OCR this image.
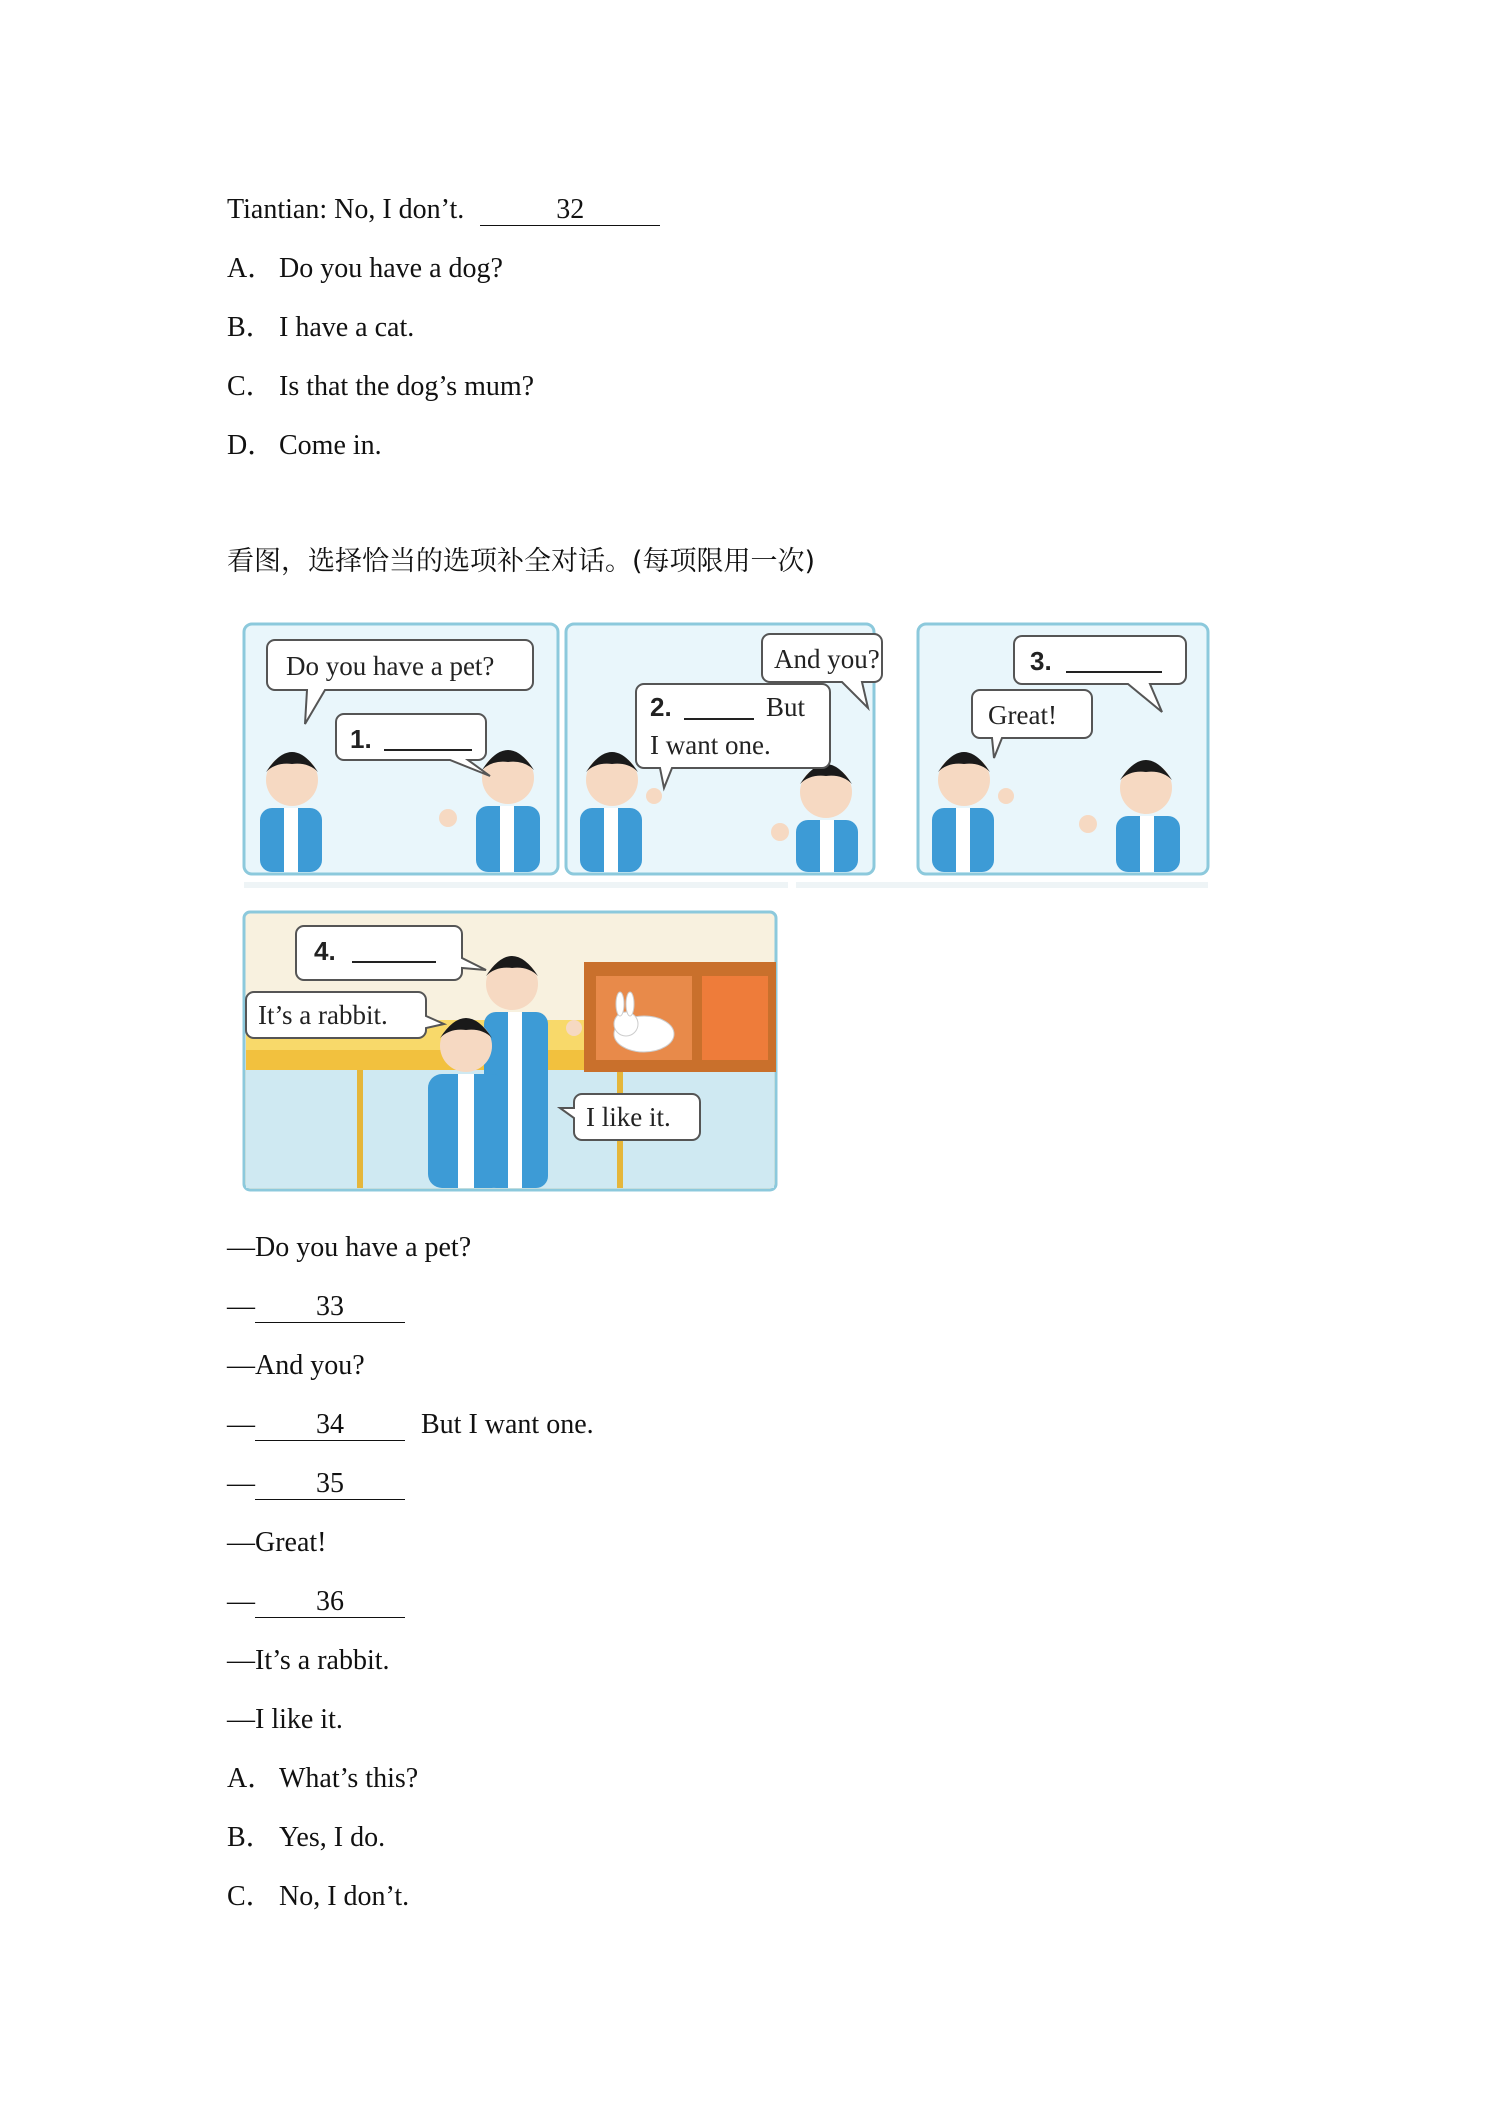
Tiantian: No, I don’t.	32
A． Do you have a dog?
B． I have a cat.
C． Is that the dog’s mum?
D． Come in.
看图，选择恰当的选项补全对话。(每项限用一次)
Do you have a pet?
1.
And you?
2.	But
I want one.
3.
Great!
4.
It’s a rabbit.
I like it.
—Do you have a pet?
— 33
—And you?
— 34	But I want one.
— 35
—Great!
— 36
—It’s a rabbit.
—I like it.
A． What’s this?
B． Yes, I do.
C． No, I don’t.
